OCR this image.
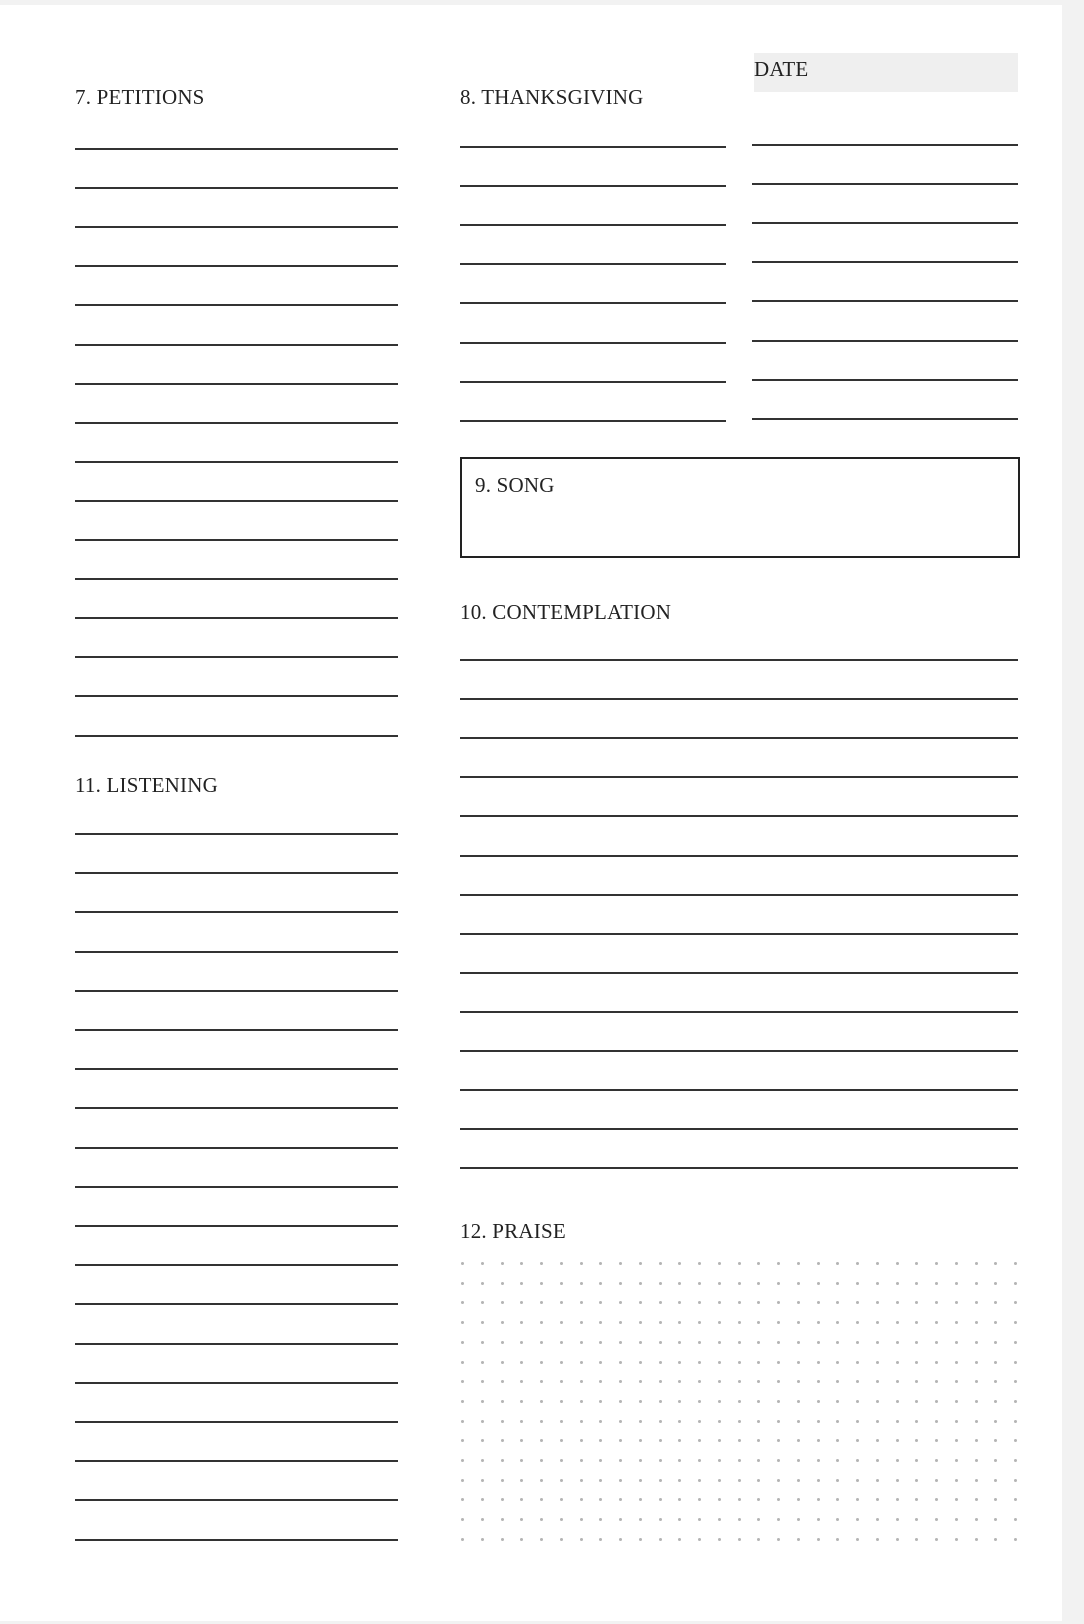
DATE
7. PETITIONS	8. THANKSGIVING
9. SONG
10. CONTEMPLATION
11. LISTENING
12. PRAISE
